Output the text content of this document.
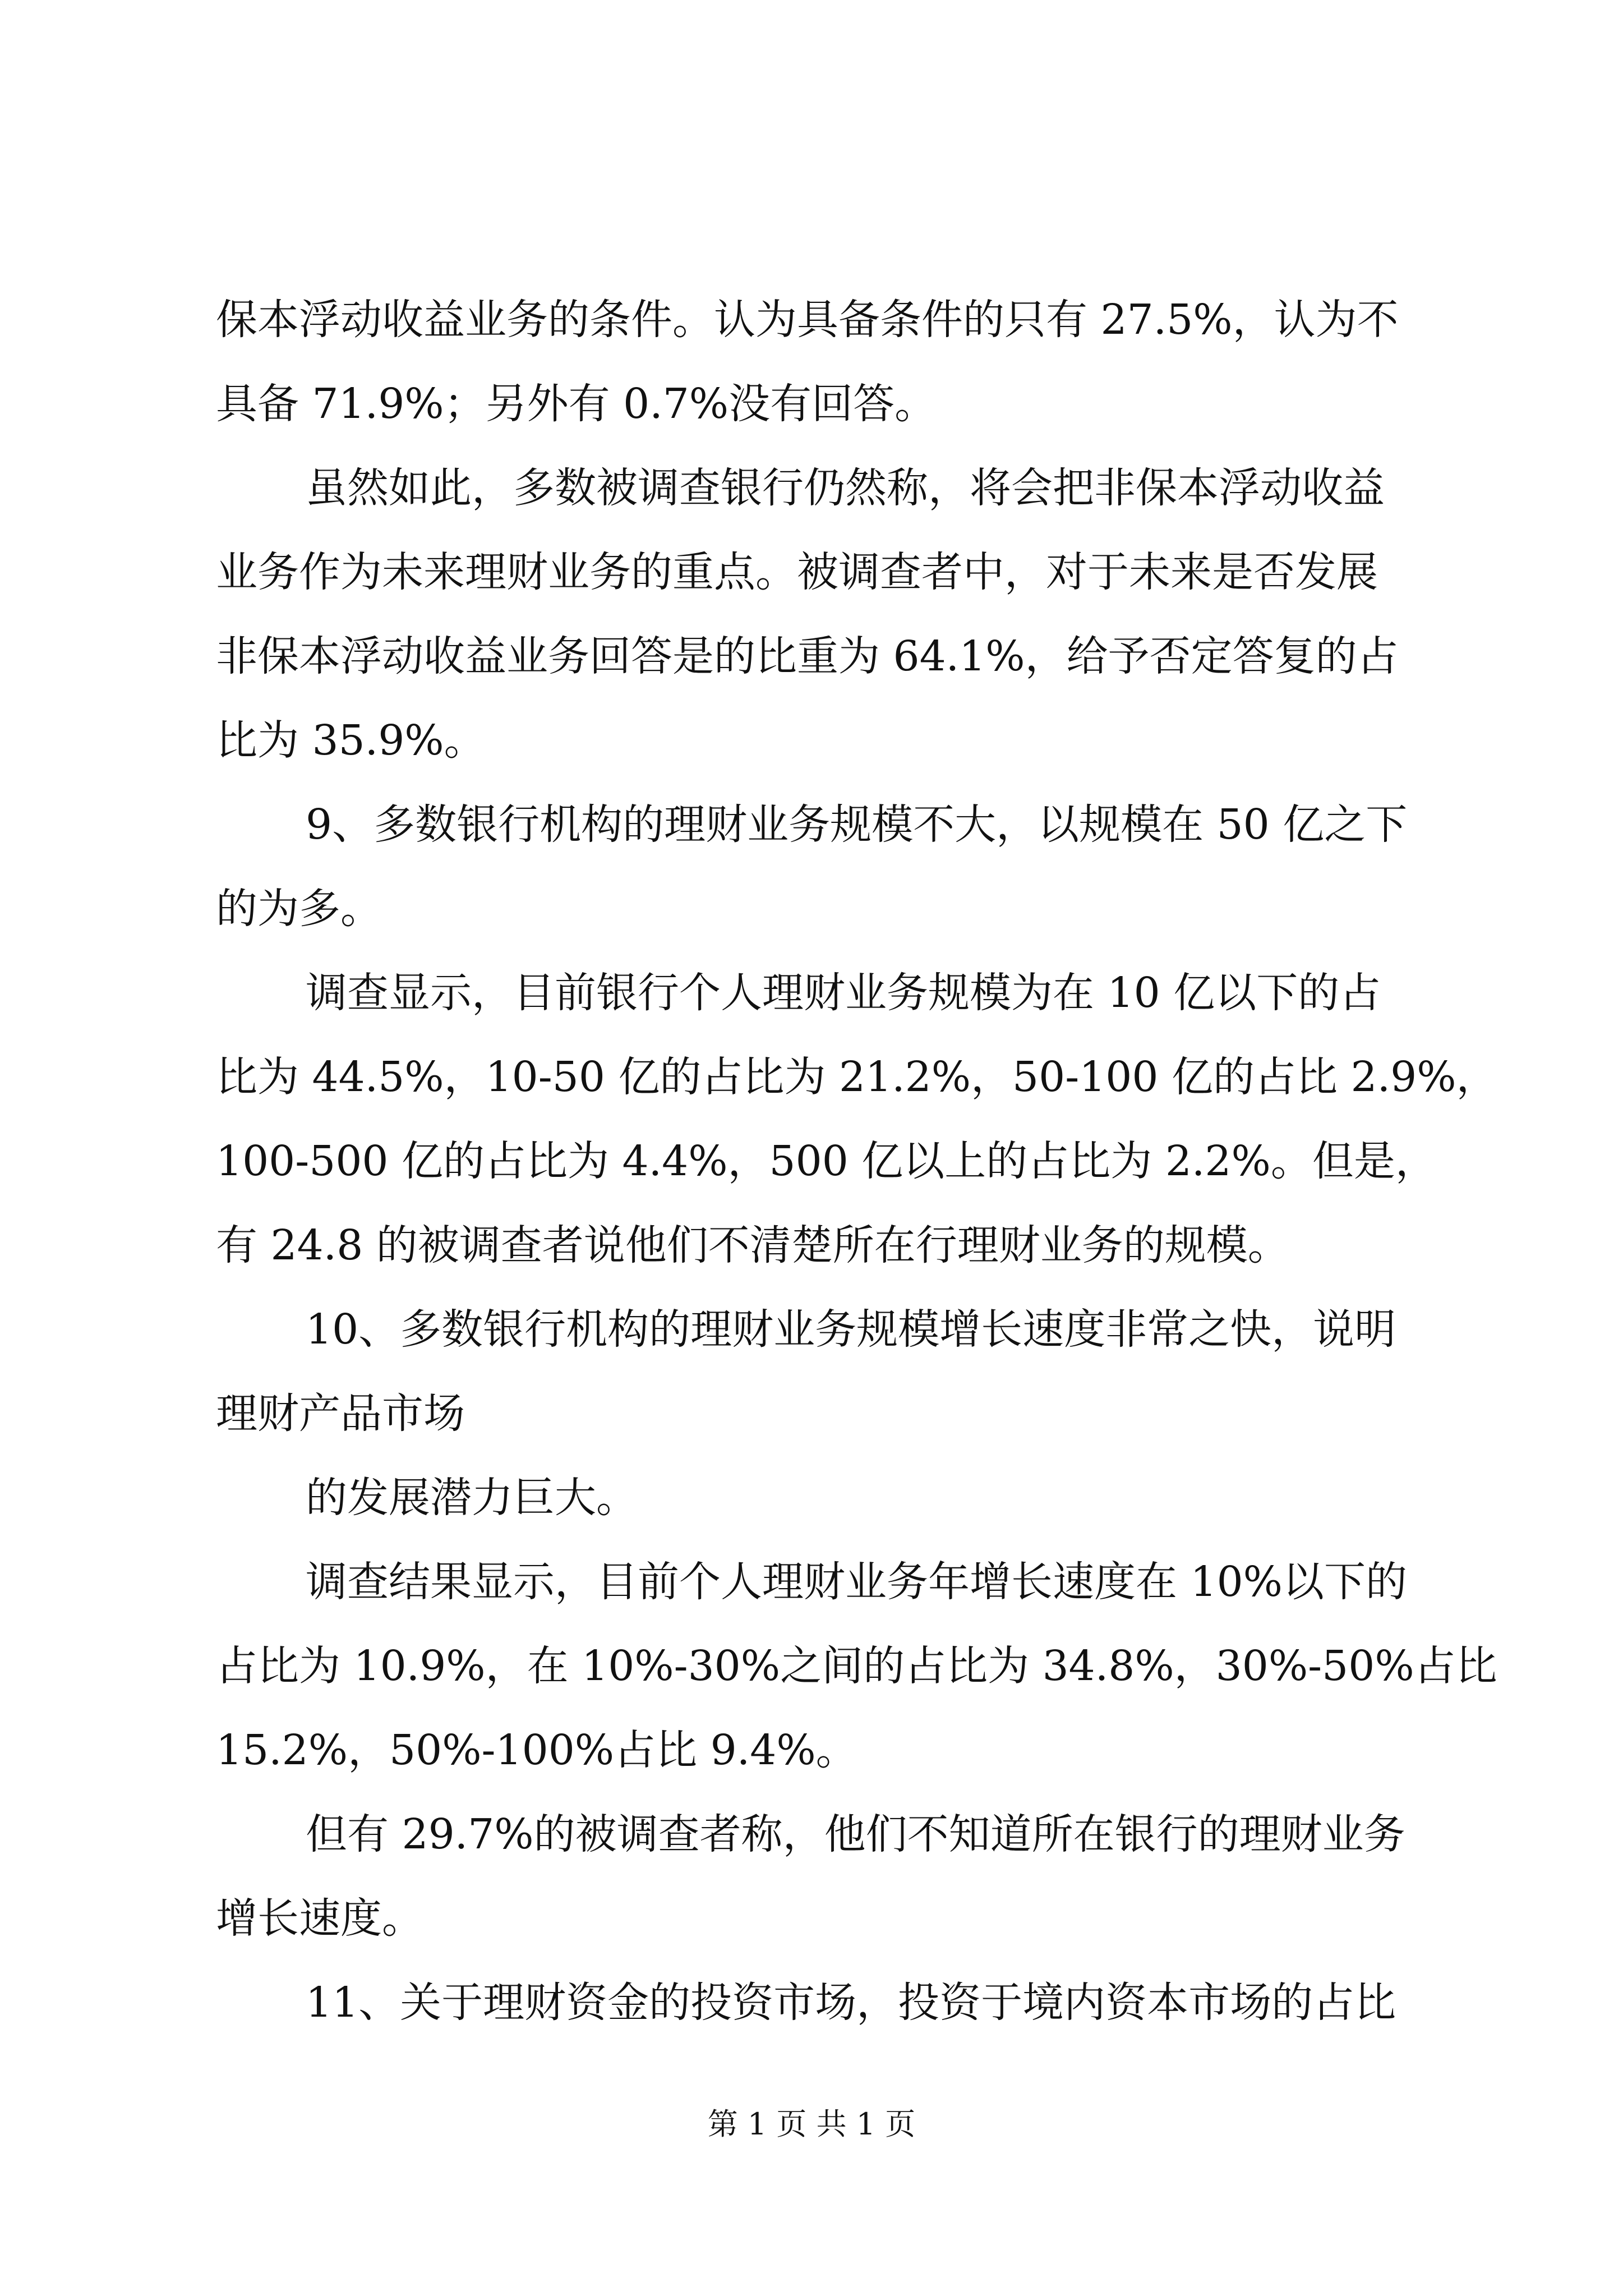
保本浮动收益业务的条件。认为具备条件的只有 27.5%，认为不
具备 71.9%；另外有 0.7%没有回答。
虽然如此，多数被调查银行仍然称，将会把非保本浮动收益
业务作为未来理财业务的重点。被调查者中，对于未来是否发展
非保本浮动收益业务回答是的比重为 64.1%，给予否定答复的占
比为 35.9%。
9、多数银行机构的理财业务规模不大，以规模在 50 亿之下
的为多。
调查显示，目前银行个人理财业务规模为在 10 亿以下的占
比为 44.5%，10-50 亿的占比为 21.2%，50-100 亿的占比 2.9%，
100-500 亿的占比为 4.4%，500 亿以上的占比为 2.2%。但是，
有 24.8 的被调查者说他们不清楚所在行理财业务的规模。
10、多数银行机构的理财业务规模增长速度非常之快，说明
理财产品市场
的发展潜力巨大。
调查结果显示，目前个人理财业务年增长速度在 10%以下的
占比为 10.9%，在 10%-30%之间的占比为 34.8%，30%-50%占比
15.2%，50%-100%占比 9.4%。
但有 29.7%的被调查者称，他们不知道所在银行的理财业务
增长速度。
11、关于理财资金的投资市场，投资于境内资本市场的占比
第 1 页 共 1 页
